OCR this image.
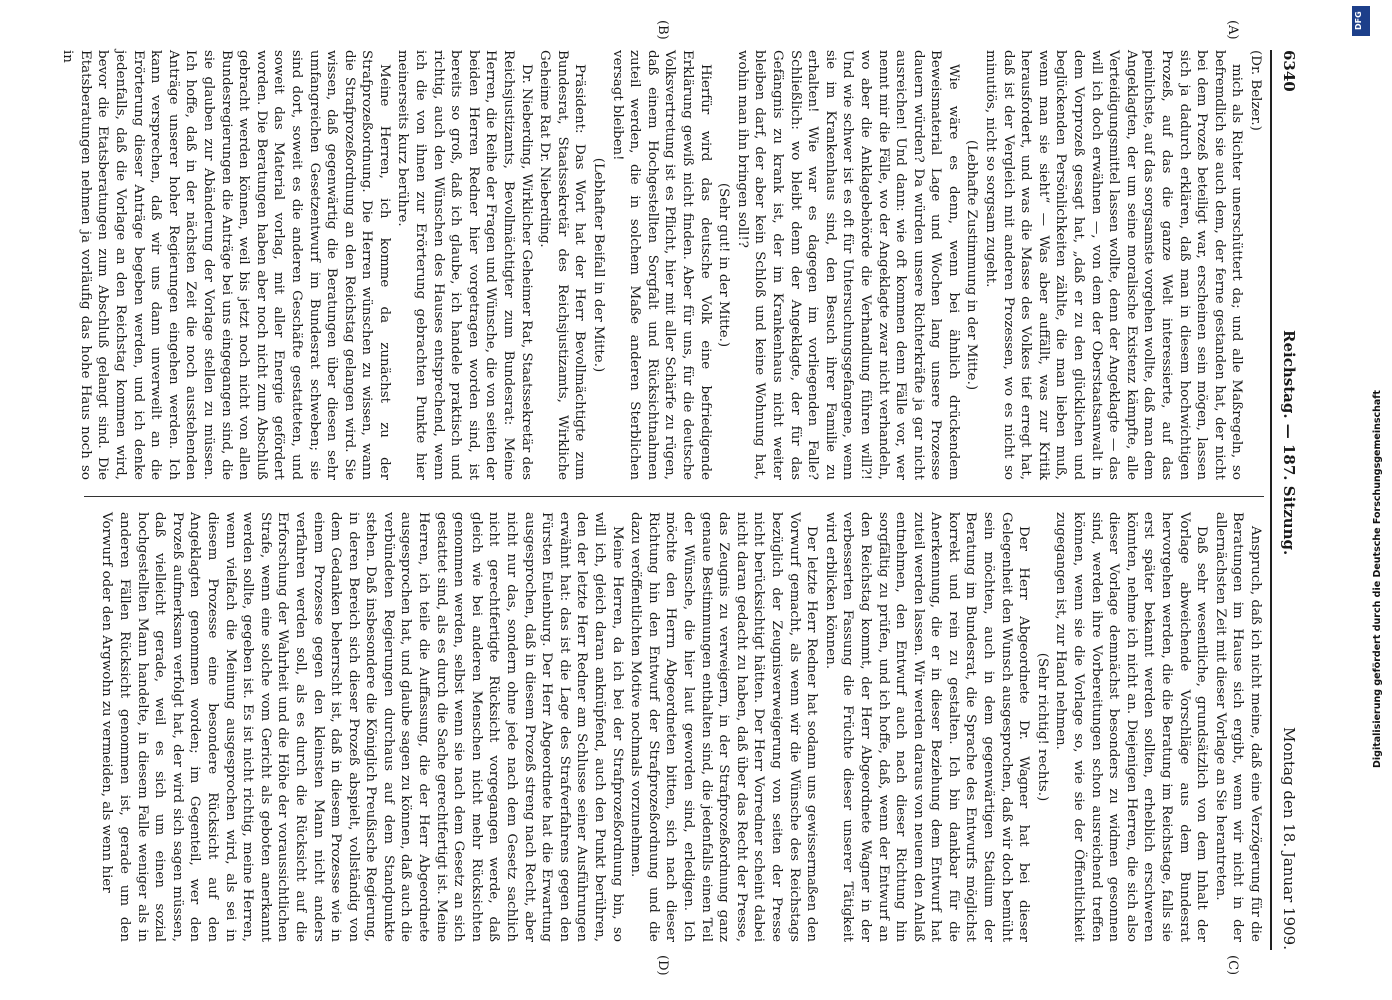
6340
Reichstag. — 187. Sitzung.
Montag den 18. Januar 1909.

(Dr. Belzer.)

mich als Richter unerschüttert da; und alle Maßregeln, so befremdlich sie auch dem, der ferne gestanden hat, der nicht bei dem Prozeß beteiligt war, erscheinen sein mögen, lassen sich ja dadurch erklären, daß man in diesem hochwichtigen Prozeß, auf das die ganze Welt interessierte, auf das peinlichste, auf das sorgsamste vorgehen wollte, daß man dem Angeklagten, der um seine moralische Existenz kämpfte, alle Verteidigungsmittel lassen wollte, denn der Angeklagte — das will ich doch erwähnen —, von dem der Oberstaatsanwalt in dem Vorprozeß gesagt hat, „daß er zu den glücklichen und beglückenden Persönlichkeiten zählte, die man lieben muß, wenn man sie sieht“ — Was aber auffällt, was zur Kritik herausfordert, und was die Masse des Volkes tief erregt hat, daß ist der Vergleich mit anderen Prozessen, wo es nicht so minutiös, nicht so sorgsam zugeht.

(Lebhafte Zustimmung in der Mitte.)

Wie wäre es denn, wenn bei ähnlich drückendem Beweismaterial Lage und Wochen lang unsere Prozesse dauern würden? Da würden unsere Richterkräfte ja gar nicht ausreichen! Und dann: wie oft kommen denn Fälle vor, wer nennt mir die Fälle, wo der Angeklagte zwar nicht verhandeln, wo aber die Anklagebehörde die Verhandlung führen will?! Und wie schwer ist es oft für Untersuchungsgefangene, wenn sie im Krankenhaus sind, den Besuch ihrer Familie zu erhalten! Wie war es dagegen im vorliegenden Falle? Schließlich: wo bleibt denn der Angeklagte, der für das Gefängnis zu krank ist, der im Krankenhaus nicht weiter bleiben darf, der aber kein Schloß und keine Wohnung hat, wohin man ihn bringen soll!?

(Sehr gut! in der Mitte.)

Hierfür wird das deutsche Volk eine befriedigende Erklärung gewiß nicht finden. Aber für uns, für die deutsche Volksvertretung ist es Pflicht, hier mit aller Schärfe zu rügen, daß einem Hochgestellten Sorgfalt und Rücksichtnahmen zuteil werden, die in solchem Maße anderen Sterblichen versagt bleiben!

(Lebhafter Beifall in der Mitte.)

Präsident: Das Wort hat der Herr Bevollmächtigte zum Bundesrat, Staatssekretär des Reichsjustizamts, Wirkliche Geheime Rat Dr. Nieberding.

Dr. Nieberding, Wirklicher Geheimer Rat, Staatssekretär des Reichsjustizamts, Bevollmächtigter zum Bundesrat: Meine Herren, die Reihe der Fragen und Wünsche, die von seiten der beiden Herren Redner hier vorgetragen worden sind, ist bereits so groß, daß ich glaube, ich handele praktisch und richtig, auch den Wünschen des Hauses entsprechend, wenn ich die von ihnen zur Erörterung gebrachten Punkte hier meinerseits kurz berühre.

Meine Herren, ich komme da zunächst zu der Strafprozeßordnung. Die Herren wünschen zu wissen, wann die Strafprozeßordnung an den Reichstag gelangen wird. Sie wissen, daß gegenwärtig die Beratungen über diesen sehr umfangreichen Gesetzentwurf im Bundesrat schweben; sie sind dort, soweit es die anderen Geschäfte gestatteten, und soweit das Material vorlag, mit aller Energie gefördert worden. Die Beratungen haben aber noch nicht zum Abschluß gebracht werden können, weil bis jetzt noch nicht von allen Bundesregierungen die Anträge bei uns eingegangen sind, die sie glauben zur Abänderung der Vorlage stellen zu müssen. Ich hoffe, daß in der nächsten Zeit die noch ausstehenden Anträge unserer hoher Regierungen eingehen werden. Ich kann versprechen, daß wir uns dann unverweilt an die Erörterung dieser Anträge begeben werden, und ich denke jedenfalls, daß die Vorlage an den Reichstag kommen wird, bevor die Etatsberatungen zum Abschluß gelangt sind. Die Etatsberatungen nehmen ja vorläufig das hohe Haus noch so in

Anspruch, daß ich nicht meine, daß eine Verzögerung für die Beratungen im Hause sich ergibt, wenn wir nicht in der allernächsten Zeit mit dieser Vorlage an Sie herantreten.

Daß sehr wesentliche, grundsätzlich von dem Inhalt der Vorlage abweichende Vorschläge aus dem Bundesrat hervorgehen werden, die die Beratung im Reichstage, falls sie erst später bekannt werden sollten, erheblich erschweren könnten, nehme ich nicht an. Diejenigen Herren, die sich also dieser Vorlage demnächst besonders zu widmen gesonnen sind, werden ihre Vorbereitungen schon ausreichend treffen können, wenn sie die Vorlage so, wie sie der Öffentlichkeit zugegangen ist, zur Hand nehmen.

(Sehr richtig! rechts.)

Der Herr Abgeordnete Dr. Wagner hat bei dieser Gelegenheit den Wunsch ausgesprochen, daß wir doch bemüht sein möchten, auch in dem gegenwärtigen Stadium der Beratung im Bundesrat, die Sprache des Entwurfs möglichst korrekt und rein zu gestalten. Ich bin dankbar für die Anerkennung, die er in dieser Beziehung dem Entwurf hat zuteil werden lassen. Wir werden daraus von neuem den Anlaß entnehmen, den Entwurf auch nach dieser Richtung hin sorgfältig zu prüfen, und ich hoffe, daß, wenn der Entwurf an den Reichstag kommt, der Herr Abgeordnete Wagner in der verbesserten Fassung die Früchte dieser unserer Tätigkeit wird erblicken können.

Der letzte Herr Redner hat sodann uns gewissermaßen den Vorwurf gemacht, als wenn wir die Wünsche des Reichstags bezüglich der Zeugnisverweigerung von seiten der Presse nicht berücksichtigt hätten. Der Herr Vorredner scheint dabei nicht daran gedacht zu haben, daß über das Recht der Presse, das Zeugnis zu verweigern, in der Strafprozeßordnung ganz genaue Bestimmungen enthalten sind, die jedenfalls einen Teil der Wünsche, die hier laut geworden sind, erledigen. Ich möchte den Herrn Abgeordneten bitten, sich nach dieser Richtung hin den Entwurf der Strafprozeßordnung und die dazu veröffentlichten Motive nochmals vorzunehmen.

Meine Herren, da ich bei der Strafprozeßordnung bin, so will ich, gleich daran anknüpfend, auch den Punkt berühren, den der letzte Herr Redner am Schlusse seiner Ausführungen erwähnt hat: das ist die Lage des Strafverfahrens gegen den Fürsten Eulenburg. Der Herr Abgeordnete hat die Erwartung ausgesprochen, daß in diesem Prozeß streng nach Recht, aber nicht nur das, sondern ohne jede nach dem Gesetz sachlich nicht gerechtfertigte Rücksicht vorgegangen werde, daß gleich wie bei anderen Menschen nicht mehr Rücksichten genommen werden, selbst wenn sie nach dem Gesetz an sich gestattet sind, als es durch die Sache gerechtfertigt ist. Meine Herren, ich teile die Auffassung, die der Herr Abgeordnete ausgesprochen hat, und glaube sagen zu können, daß auch die verbündeten Regierungen durchaus auf dem Standpunkte stehen. Daß insbesondere die Königlich Preußische Regierung, in deren Bereich sich dieser Prozeß abspielt, vollständig von dem Gedanken beherrscht ist, daß in diesem Prozesse wie in einem Prozesse gegen den kleinsten Mann nicht anders verfahren werden soll, als es durch die Rücksicht auf die Erforschung der Wahrheit und die Höhe der voraussichtlichen Strafe, wenn eine solche vom Gericht als geboten anerkannt werden sollte, gegeben ist. Es ist nicht richtig, meine Herren, wenn vielfach die Meinung ausgesprochen wird, als sei in diesem Prozesse eine besondere Rücksicht auf den Angeklagten genommen worden; im Gegenteil, wer den Prozeß aufmerksam verfolgt hat, der wird sich sagen müssen, daß vielleicht gerade, weil es sich um einen sozial hochgestellten Mann handelte, in diesem Falle weniger als in anderen Fällen Rücksicht genommen ist, gerade um den Vorwurf oder den Argwohn zu vermeiden, als wenn hier

(A)
(B)
(C)
(D)
DFG
Digitalisierung gefördert durch die Deutsche Forschungsgemeinschaft
